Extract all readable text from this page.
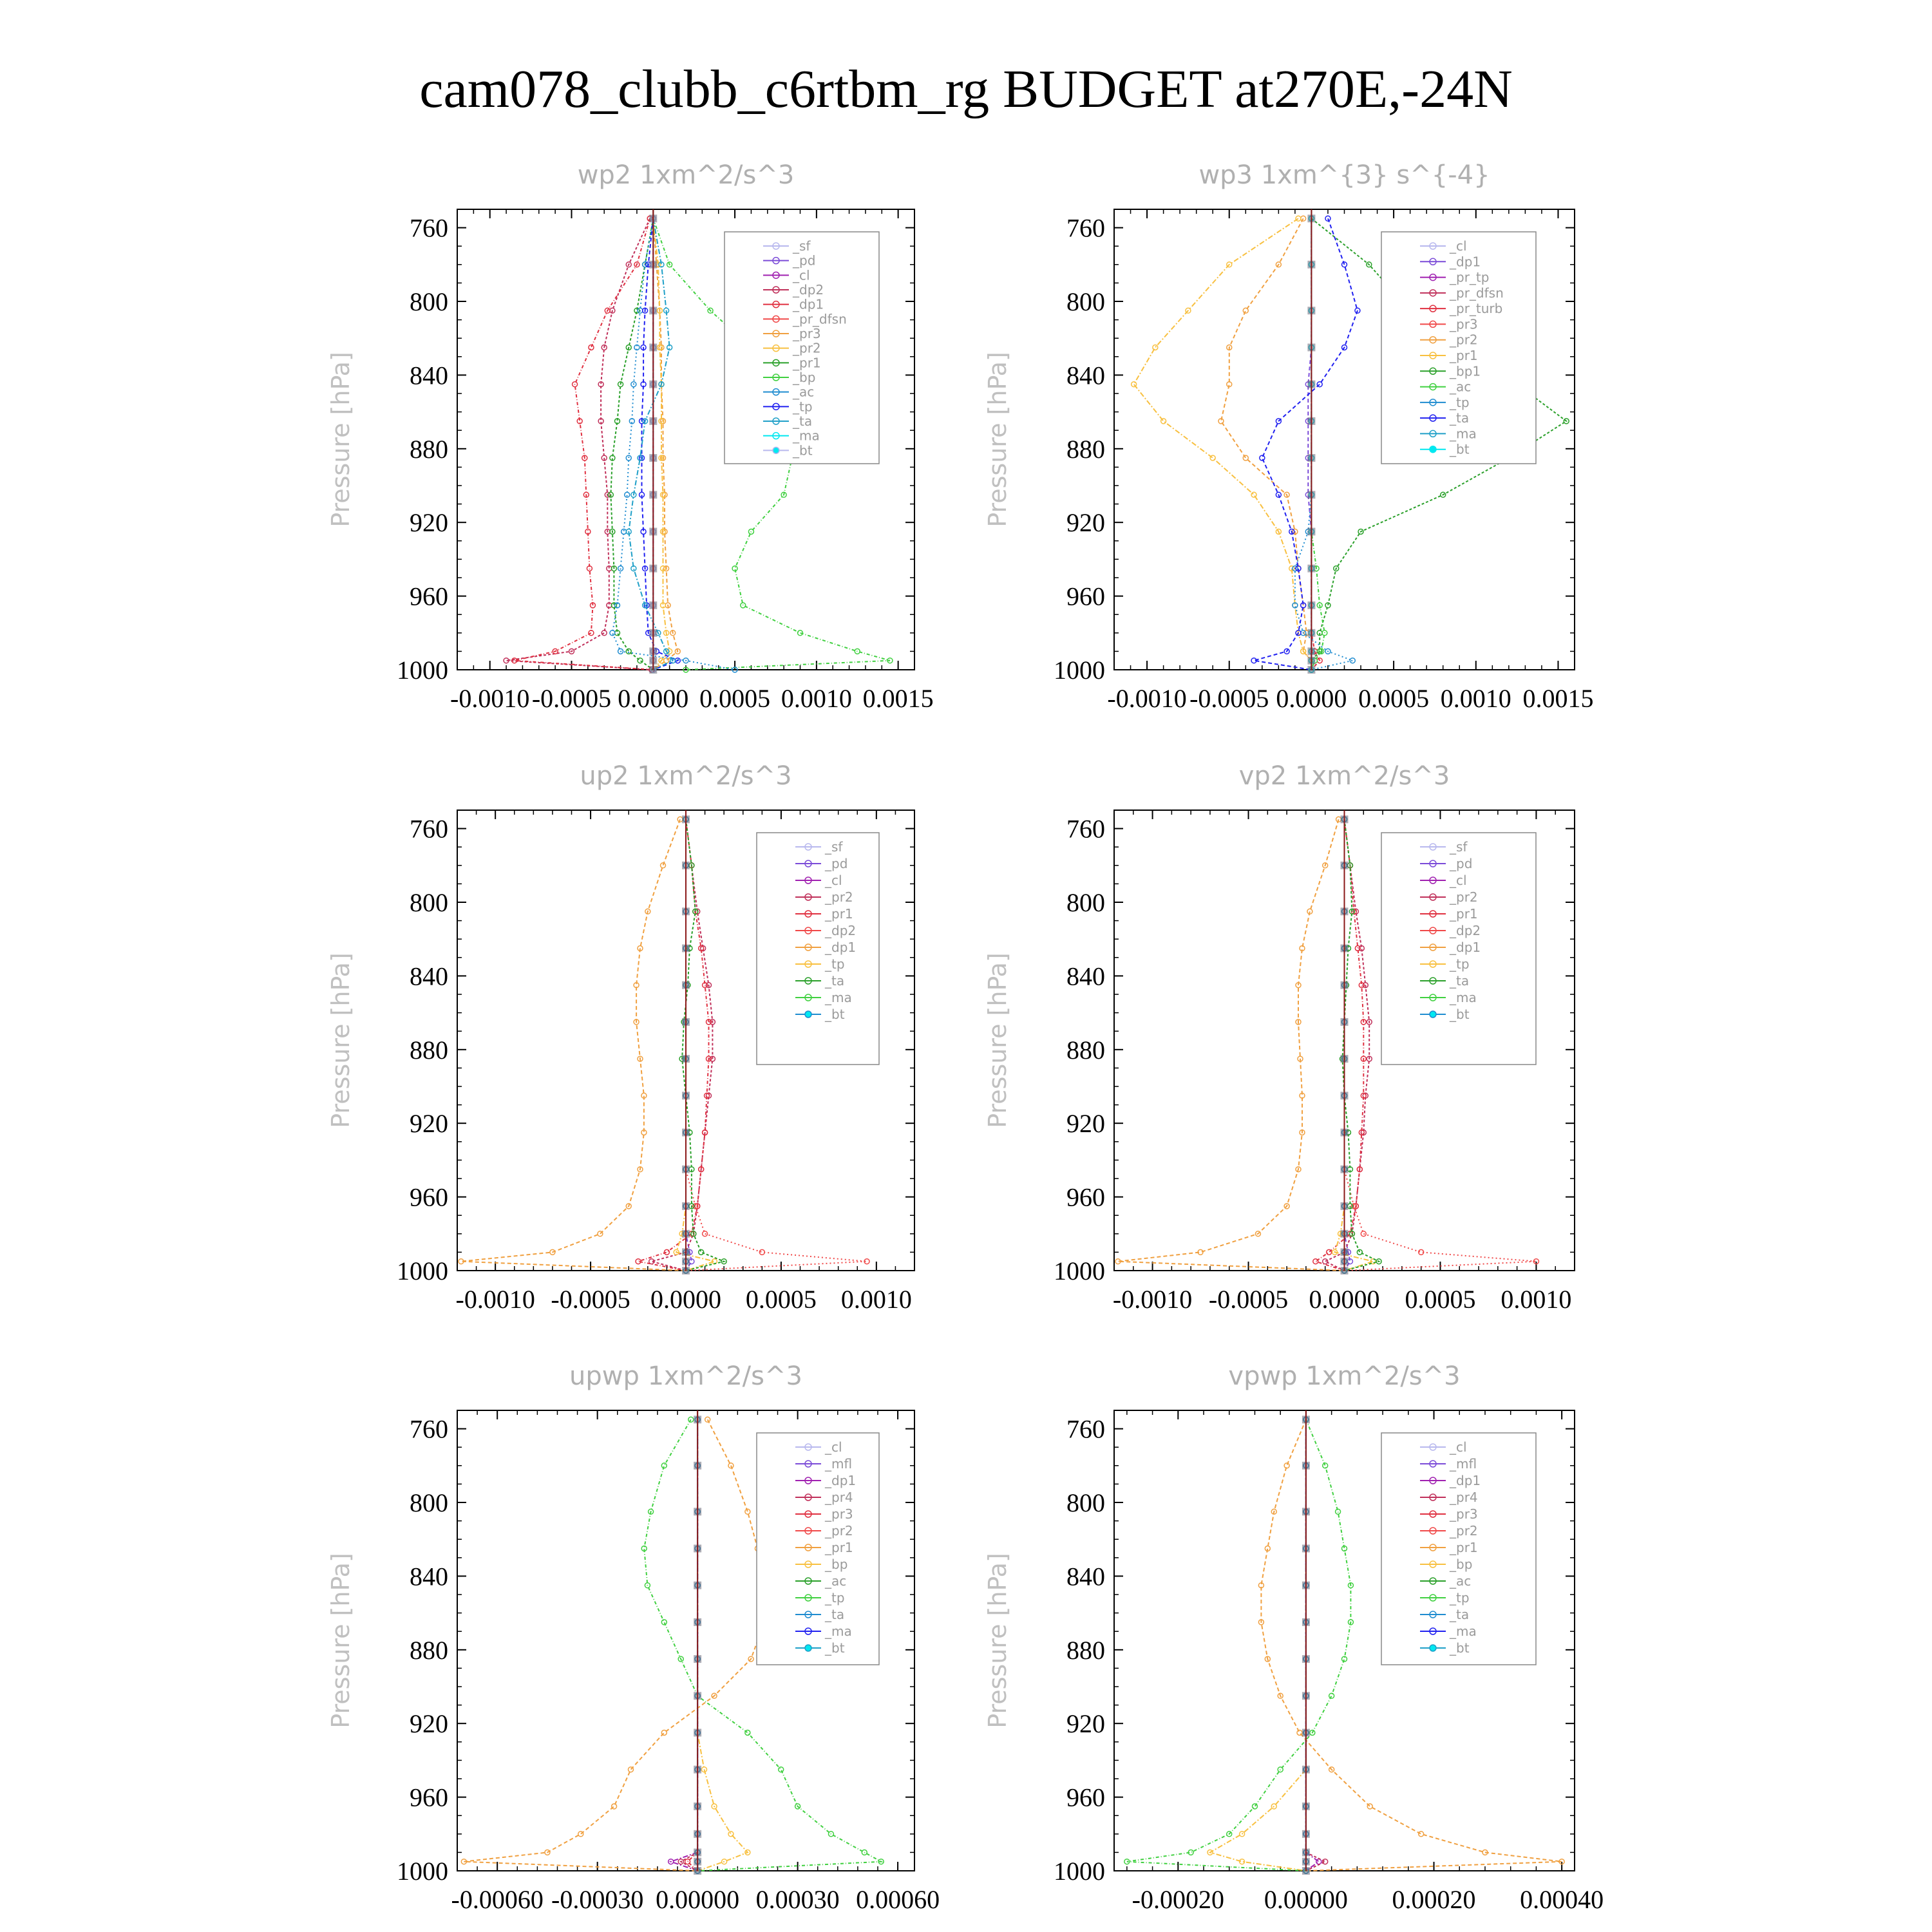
cam078_clubb_c6rtbm_rg BUDGET at270E,-24N
wp2 1xm^2/s^3
Pressure [hPa]
760
800
840
880
920
960
1000
-0.0010 -0.0005 0.0000 0.0005 0.0010 0.0015
_sf
_pd
_cl
_dp2
_dp1
_pr_dfsn
_pr3
_pr2
_pr1
_bp
_ac
_tp
_ta
_ma
_bt
wp3 1xm^{3} s^{-4}
Pressure [hPa]
760
800
840
880
920
960
1000
-0.0010 -0.0005 0.0000 0.0005 0.0010 0.0015
_cl
_dp1
_pr_tp
_pr_dfsn
_pr_turb
_pr3
_pr2
_pr1
_bp1
_ac
_tp
_ta
_ma
_bt
up2 1xm^2/s^3
Pressure [hPa]
760
800
840
880
920
960
1000
-0.0010 -0.0005 0.0000 0.0005 0.0010
_sf
_pd
_cl
_pr2
_pr1
_dp2
_dp1
_tp
_ta
_ma
_bt
vp2 1xm^2/s^3
Pressure [hPa]
760
800
840
880
920
960
1000
-0.0010 -0.0005 0.0000 0.0005 0.0010
_sf
_pd
_cl
_pr2
_pr1
_dp2
_dp1
_tp
_ta
_ma
_bt
upwp 1xm^2/s^3
Pressure [hPa]
760
800
840
880
920
960
1000
-0.00060 -0.00030 0.00000 0.00030 0.00060
_cl
_mfl
_dp1
_pr4
_pr3
_pr2
_pr1
_bp
_ac
_tp
_ta
_ma
_bt
vpwp 1xm^2/s^3
Pressure [hPa]
760
800
840
880
920
960
1000
-0.00020 0.00000 0.00020 0.00040
_cl
_mfl
_dp1
_pr4
_pr3
_pr2
_pr1
_bp
_ac
_tp
_ta
_ma
_bt
